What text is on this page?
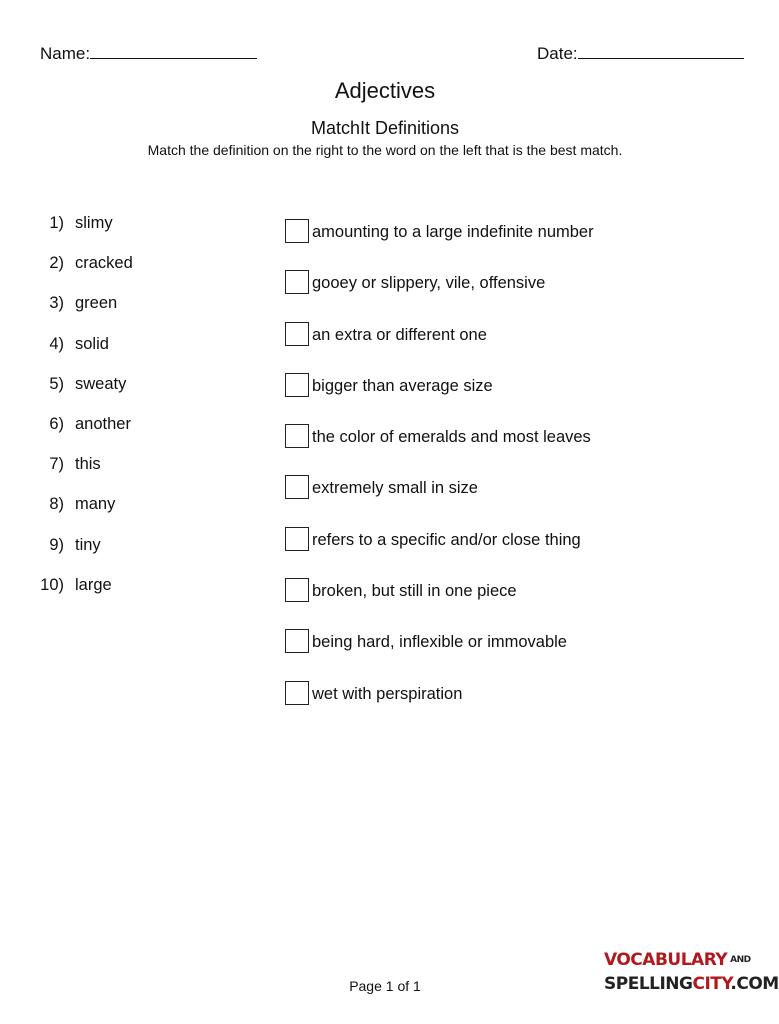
Name:	Date:
Adjectives
MatchIt Definitions
Match the definition on the right to the word on the left that is the best match.
1) slimy
2) cracked
3) green
4) solid
5) sweaty
6) another
7) this
8) many
9) tiny
10) large
amounting to a large indefinite number
gooey or slippery, vile, offensive
an extra or different one
bigger than average size
the color of emeralds and most leaves
extremely small in size
refers to a specific and/or close thing
broken, but still in one piece
being hard, inflexible or immovable
wet with perspiration
Page 1 of 1
VOCABULARY AND
SPELLINGCITY.COM
